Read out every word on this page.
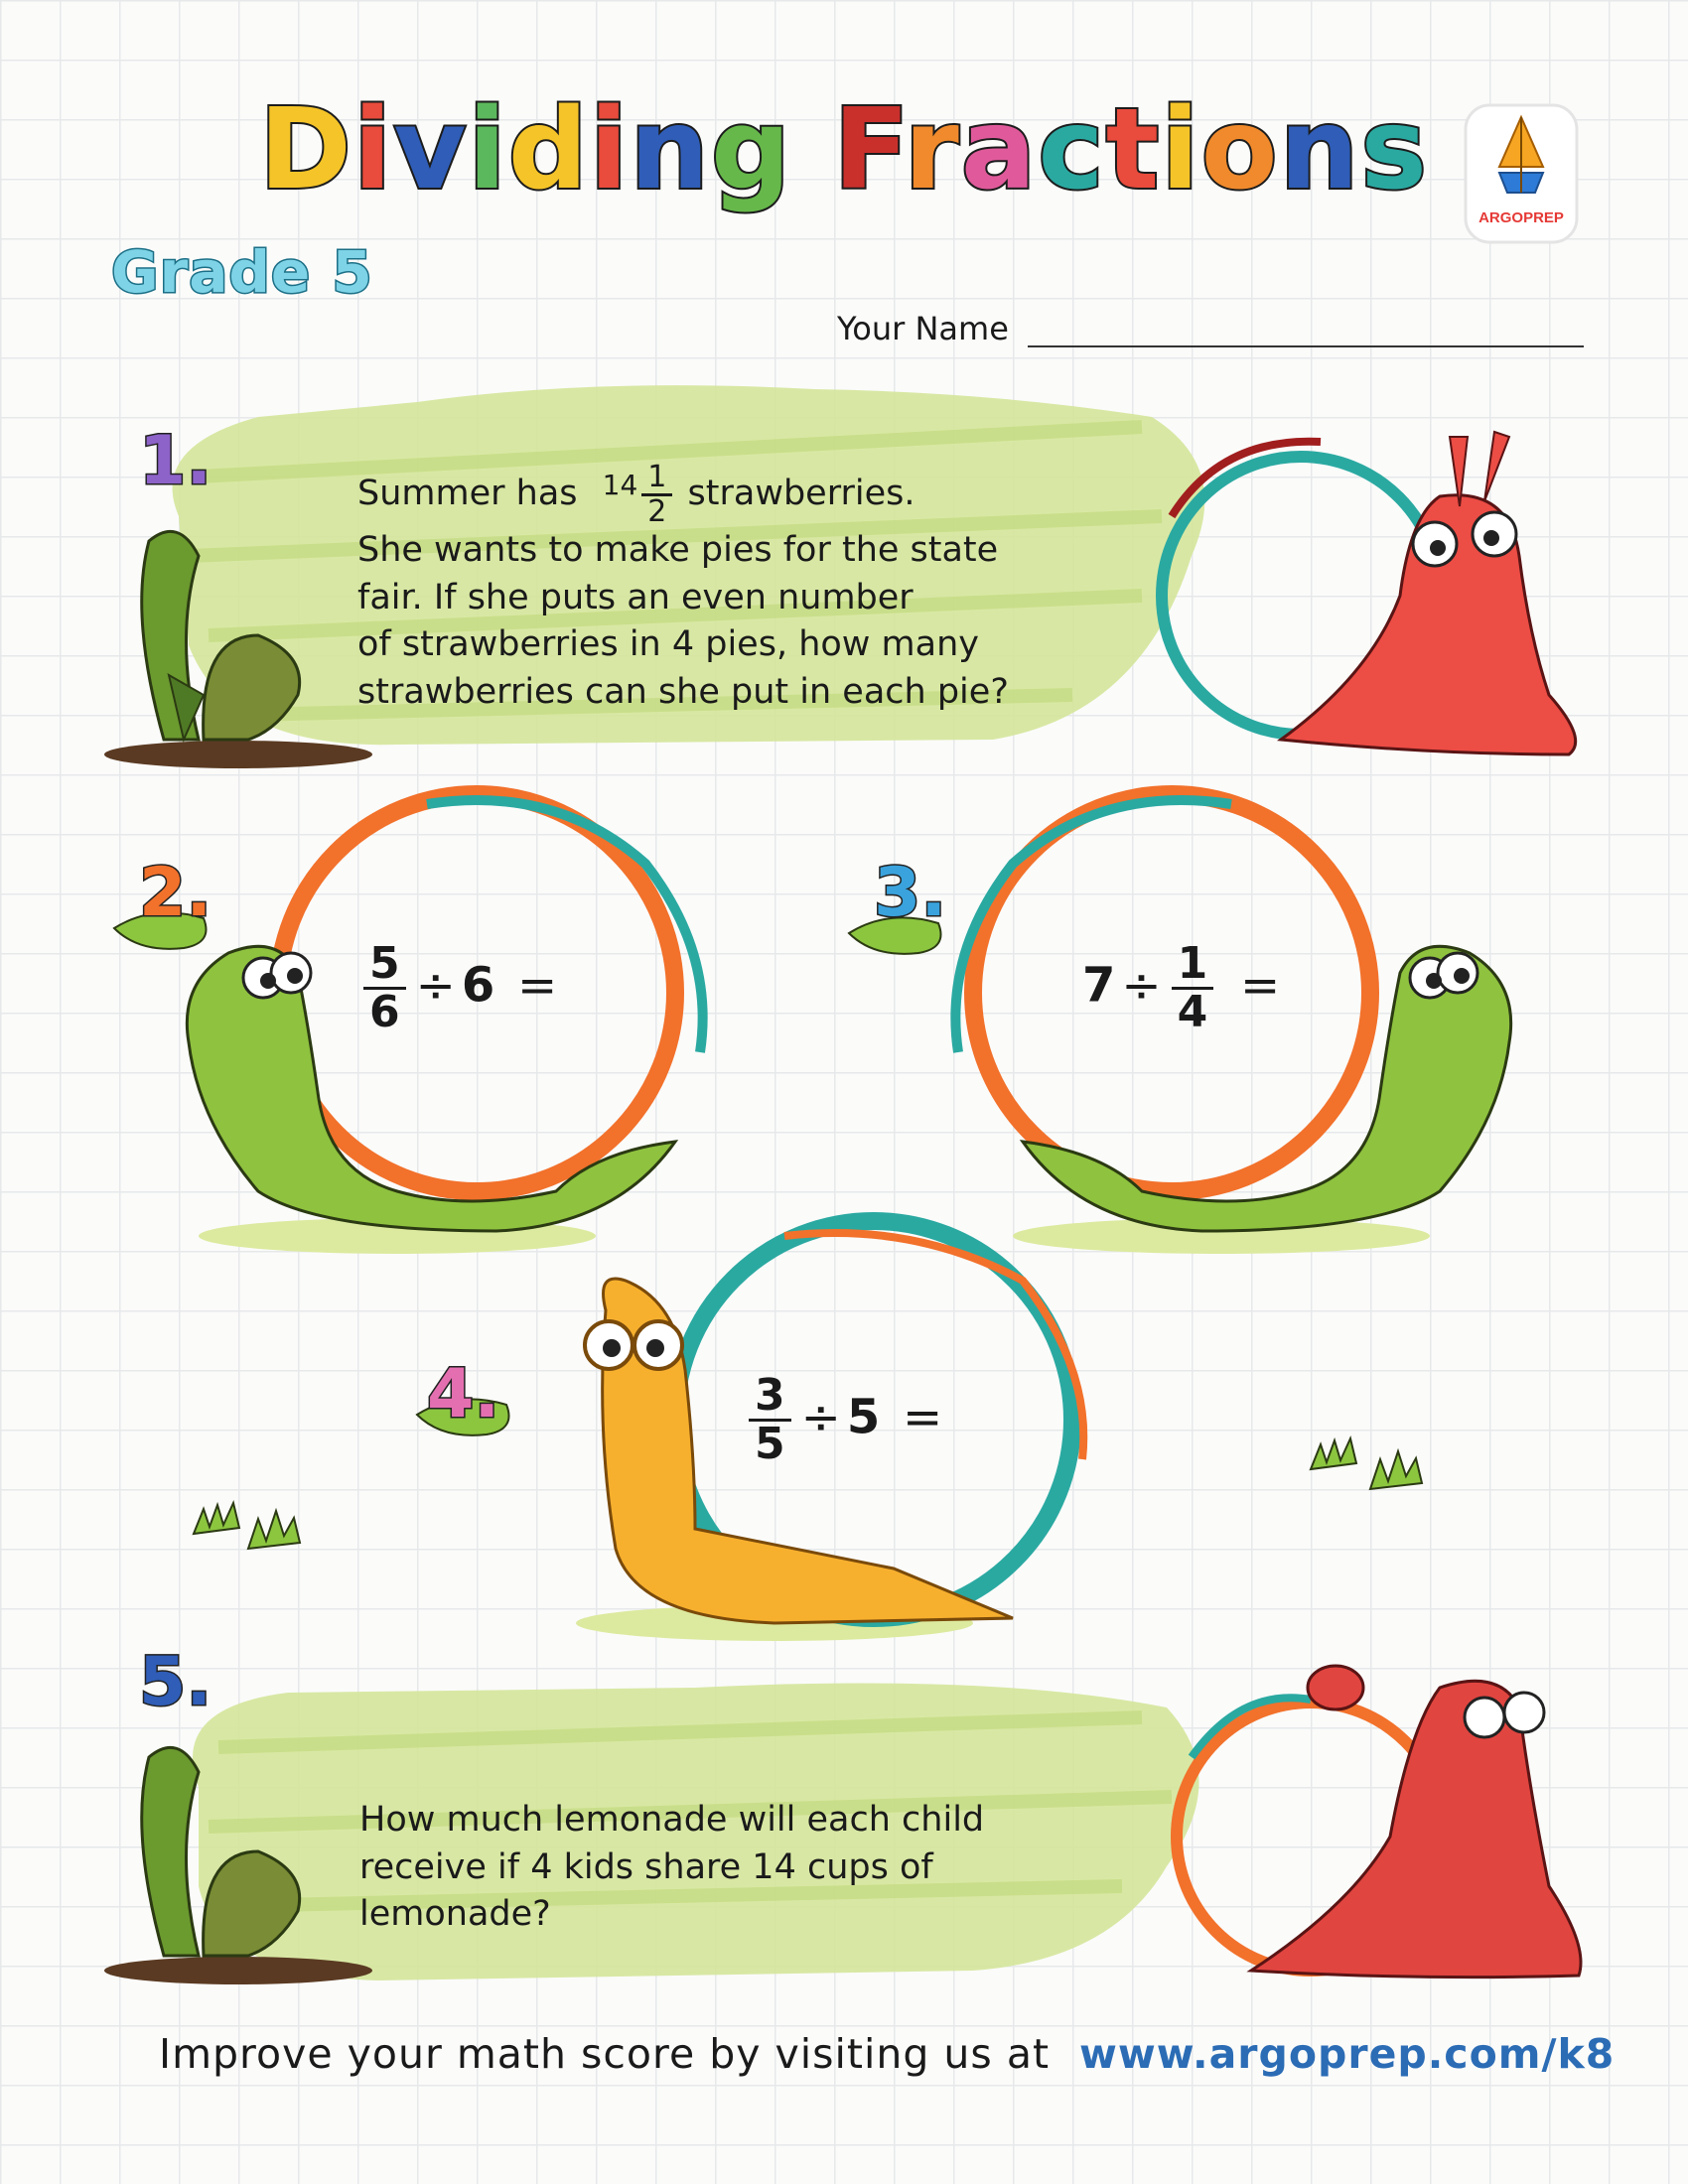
Dividing Fractions
Grade 5
ARGOPREP
Your Name
1.	Summer has $^{14} \frac{1}{2}$ strawberries.
She wants to make pies for the state
fair. If she puts an even number
of strawberries in 4 pies, how many
strawberries can she put in each pie?
2.
$\frac{5}{6} \div 6$ =
3.
$7 \div \frac{1}{4}$ =
4.	$\frac{3}{5} \div 5$ =
5.
How much lemonade will each child
receive if 4 kids share 14 cups of
lemonade?
Improve your math score by visiting us at www.argoprep.com/k8
